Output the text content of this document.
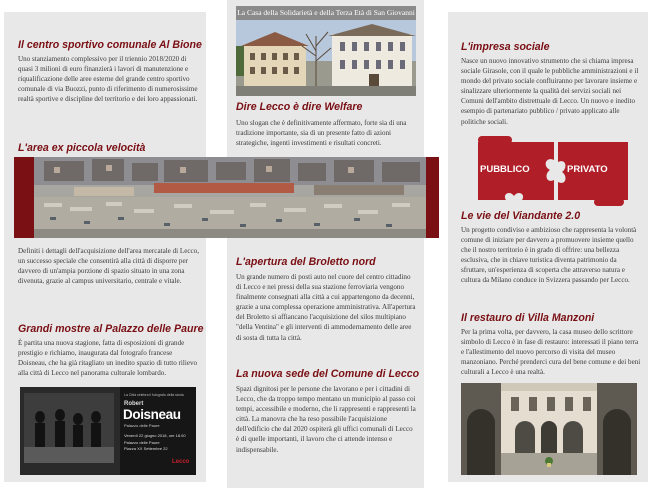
La Casa della Solidarietà e della Terza Età di San Giovanni
Il centro sportivo comunale Al Bione

Uno stanziamento complessivo per il triennio 2018/2020 di quasi 3 milioni di euro finanzierà i lavori di manutenzione e riqualificazione delle aree esterne del grande centro sportivo comunale di via Buozzi, punto di riferimento di numerosissime realtà sportive e discipline del territorio e dei loro appassionati.

L'area ex piccola velocità

Definiti i dettagli dell'acquisizione dell'area mercatale di Lecco, un successo speciale che consentirà alla città di disporre per davvero di un'ampia porzione di spazio situato in una zona divenuta, grazie al campus universitario, centrale e vitale.

Grandi mostre al Palazzo delle Paure

È partita una nuova stagione, fatta di esposizioni di grande prestigio e richiamo, inaugurata dal fotografo francese Doisneau, che ha già ritagliato un inedito spazio di tutto rilievo alla città di Lecco nel panorama culturale lombardo.

La Città celebra il fotografo della storia
Robert
Doisneau
Palazzo delle Paure
Venerdì 22 giugno 2018, ore 18.00
Palazzo delle Paure
Piazza XX Settembre 22
Lecco
Dire Lecco è dire Welfare

Uno slogan che è definitivamente affermato, forte sia di una tradizione importante, sia di un presente fatto di azioni strategiche, ingenti investimenti e risultati concreti.

L'apertura del Broletto nord

Un grande numero di posti auto nel cuore del centro cittadino di Lecco e nei pressi della sua stazione ferroviaria vengono finalmente consegnati alla città a cui appartengono da decenni, grazie a una complessa operazione amministrativa. All'apertura del Broletto si affiancano l'acquisizione del silos multipiano "della Ventina" e gli interventi di ammodernamento delle aree di sosta di tutta la città.

La nuova sede del Comune di Lecco

Spazi dignitosi per le persone che lavorano e per i cittadini di Lecco, che da troppo tempo mentano un municipio al passo coi tempi, accessibile e moderno, che li rappresenti e rappresenti la città. La manovra che ha reso possibile l'acquisizione dell'edificio che dal 2020 ospiterà gli uffici comunali di Lecco è di quelle importanti, il lavoro che ci attende intenso e indispensabile.

L'impresa sociale

Nasce un nuovo innovativo strumento che si chiama impresa sociale Girasole, con il quale le pubbliche amministrazioni e il mondo del privato sociale confluiranno per lavorare insieme e sinalizzare ulteriormente la qualità dei servizi sociali nei Comuni dell'ambito distrettuale di Lecco. Un nuovo e inedito esempio di partenariato pubblico / privato applicato alle politiche sociali.

PUBBLICO	PRIVATO
Le vie del Viandante 2.0

Un progetto condiviso e ambizioso che rappresenta la volontà comune di iniziare per davvero a promuovere insieme quello che il nostro territorio è in grado di offrire: una bellezza esclusiva, che in chiave turistica diventa patrimonio da sfruttare, un'esperienza di scoperta che attraverso natura e cultura da Milano conduce in Svizzera passando per Lecco.

Il restauro di Villa Manzoni

Per la prima volta, per davvero, la casa museo dello scrittore simbolo di Lecco è in fase di restauro: interessati il piano terra e l'allestimento del nuovo percorso di visita del museo manzoniano. Perché prenderci cura del bene comune e dei beni culturali a Lecco è una realtà.
